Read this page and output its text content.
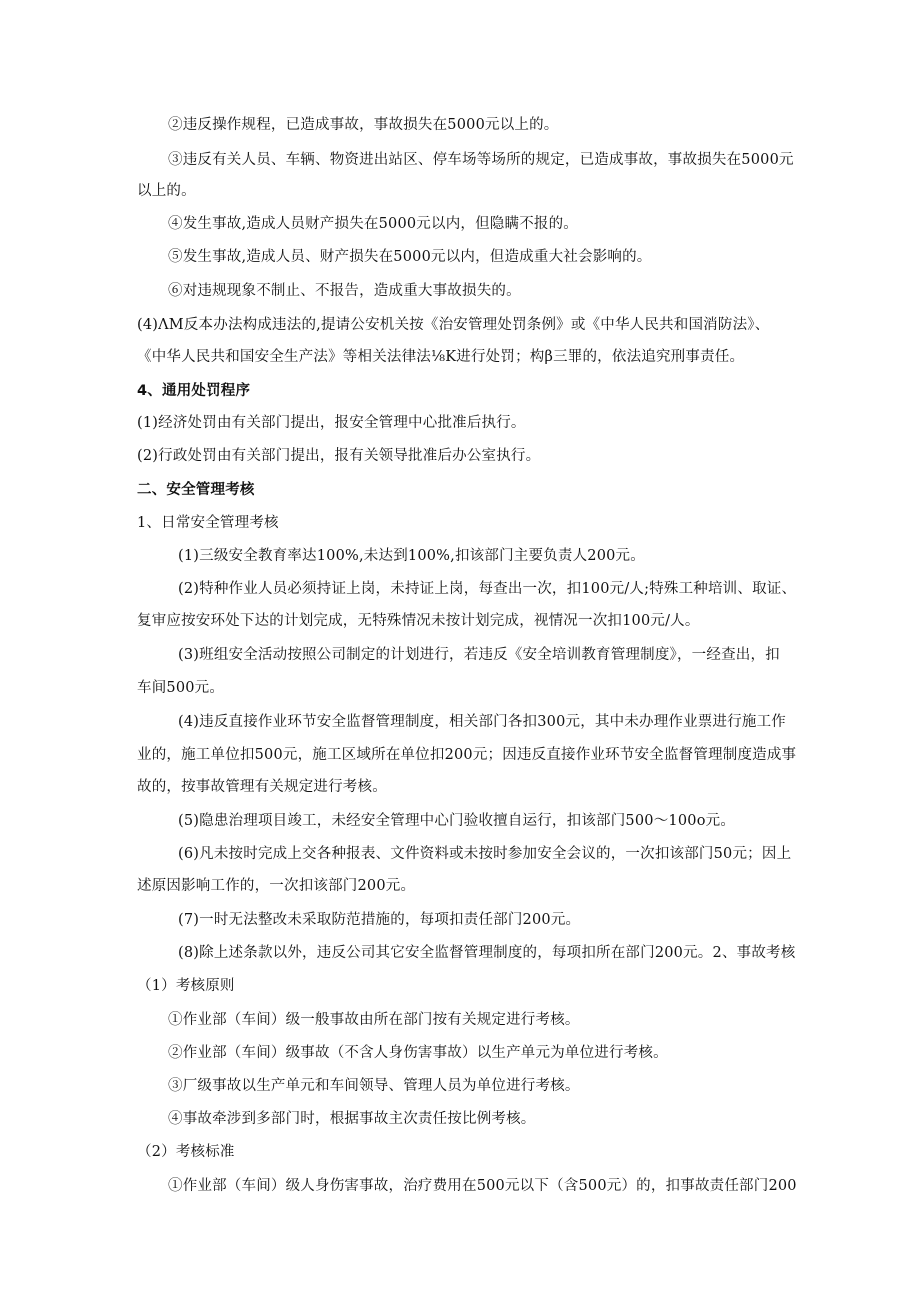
②违反操作规程，已造成事故，事故损失在5000元以上的。
③违反有关人员、车辆、物资进出站区、停车场等场所的规定，已造成事故，事故损失在5000元
以上的。
④发生事故,造成人员财产损失在5000元以内，但隐瞒不报的。
⑤发生事故,造成人员、财产损失在5000元以内，但造成重大社会影响的。
⑥对违规现象不制止、不报告，造成重大事故损失的。
(4)ΛM反本办法构成违法的,提请公安机关按《治安管理处罚条例》或《中华人民共和国消防法》、
《中华人民共和国安全生产法》等相关法律法⅛K进行处罚；构β三罪的，依法追究刑事责任。
4、通用处罚程序
(1)经济处罚由有关部门提出，报安全管理中心批准后执行。
(2)行政处罚由有关部门提出，报有关领导批准后办公室执行。
二、安全管理考核
1、日常安全管理考核
(1)三级安全教育率达100%,未达到100%,扣该部门主要负责人200元。
(2)特种作业人员必须持证上岗，未持证上岗，每查出一次，扣100元/人;特殊工种培训、取证、
复审应按安环处下达的计划完成，无特殊情况未按计划完成，视情况一次扣100元/人。
(3)班组安全活动按照公司制定的计划进行，若违反《安全培训教育管理制度》，一经查出，扣
车间500元。
(4)违反直接作业环节安全监督管理制度，相关部门各扣300元，其中未办理作业票进行施工作
业的，施工单位扣500元，施工区域所在单位扣200元；因违反直接作业环节安全监督管理制度造成事
故的，按事故管理有关规定进行考核。
(5)隐患治理项目竣工，未经安全管理中心门验收擅自运行，扣该部门500～100o元。
(6)凡未按时完成上交各种报表、文件资料或未按时参加安全会议的，一次扣该部门50元；因上
述原因影响工作的，一次扣该部门200元。
(7)一时无法整改未采取防范措施的，每项扣责任部门200元。
(8)除上述条款以外，违反公司其它安全监督管理制度的，每项扣所在部门200元。2、事故考核
（1）考核原则
①作业部（车间）级一般事故由所在部门按有关规定进行考核。
②作业部（车间）级事故（不含人身伤害事故）以生产单元为单位进行考核。
③厂级事故以生产单元和车间领导、管理人员为单位进行考核。
④事故牵涉到多部门时，根据事故主次责任按比例考核。
（2）考核标准
①作业部（车间）级人身伤害事故，治疗费用在500元以下（含500元）的，扣事故责任部门200
